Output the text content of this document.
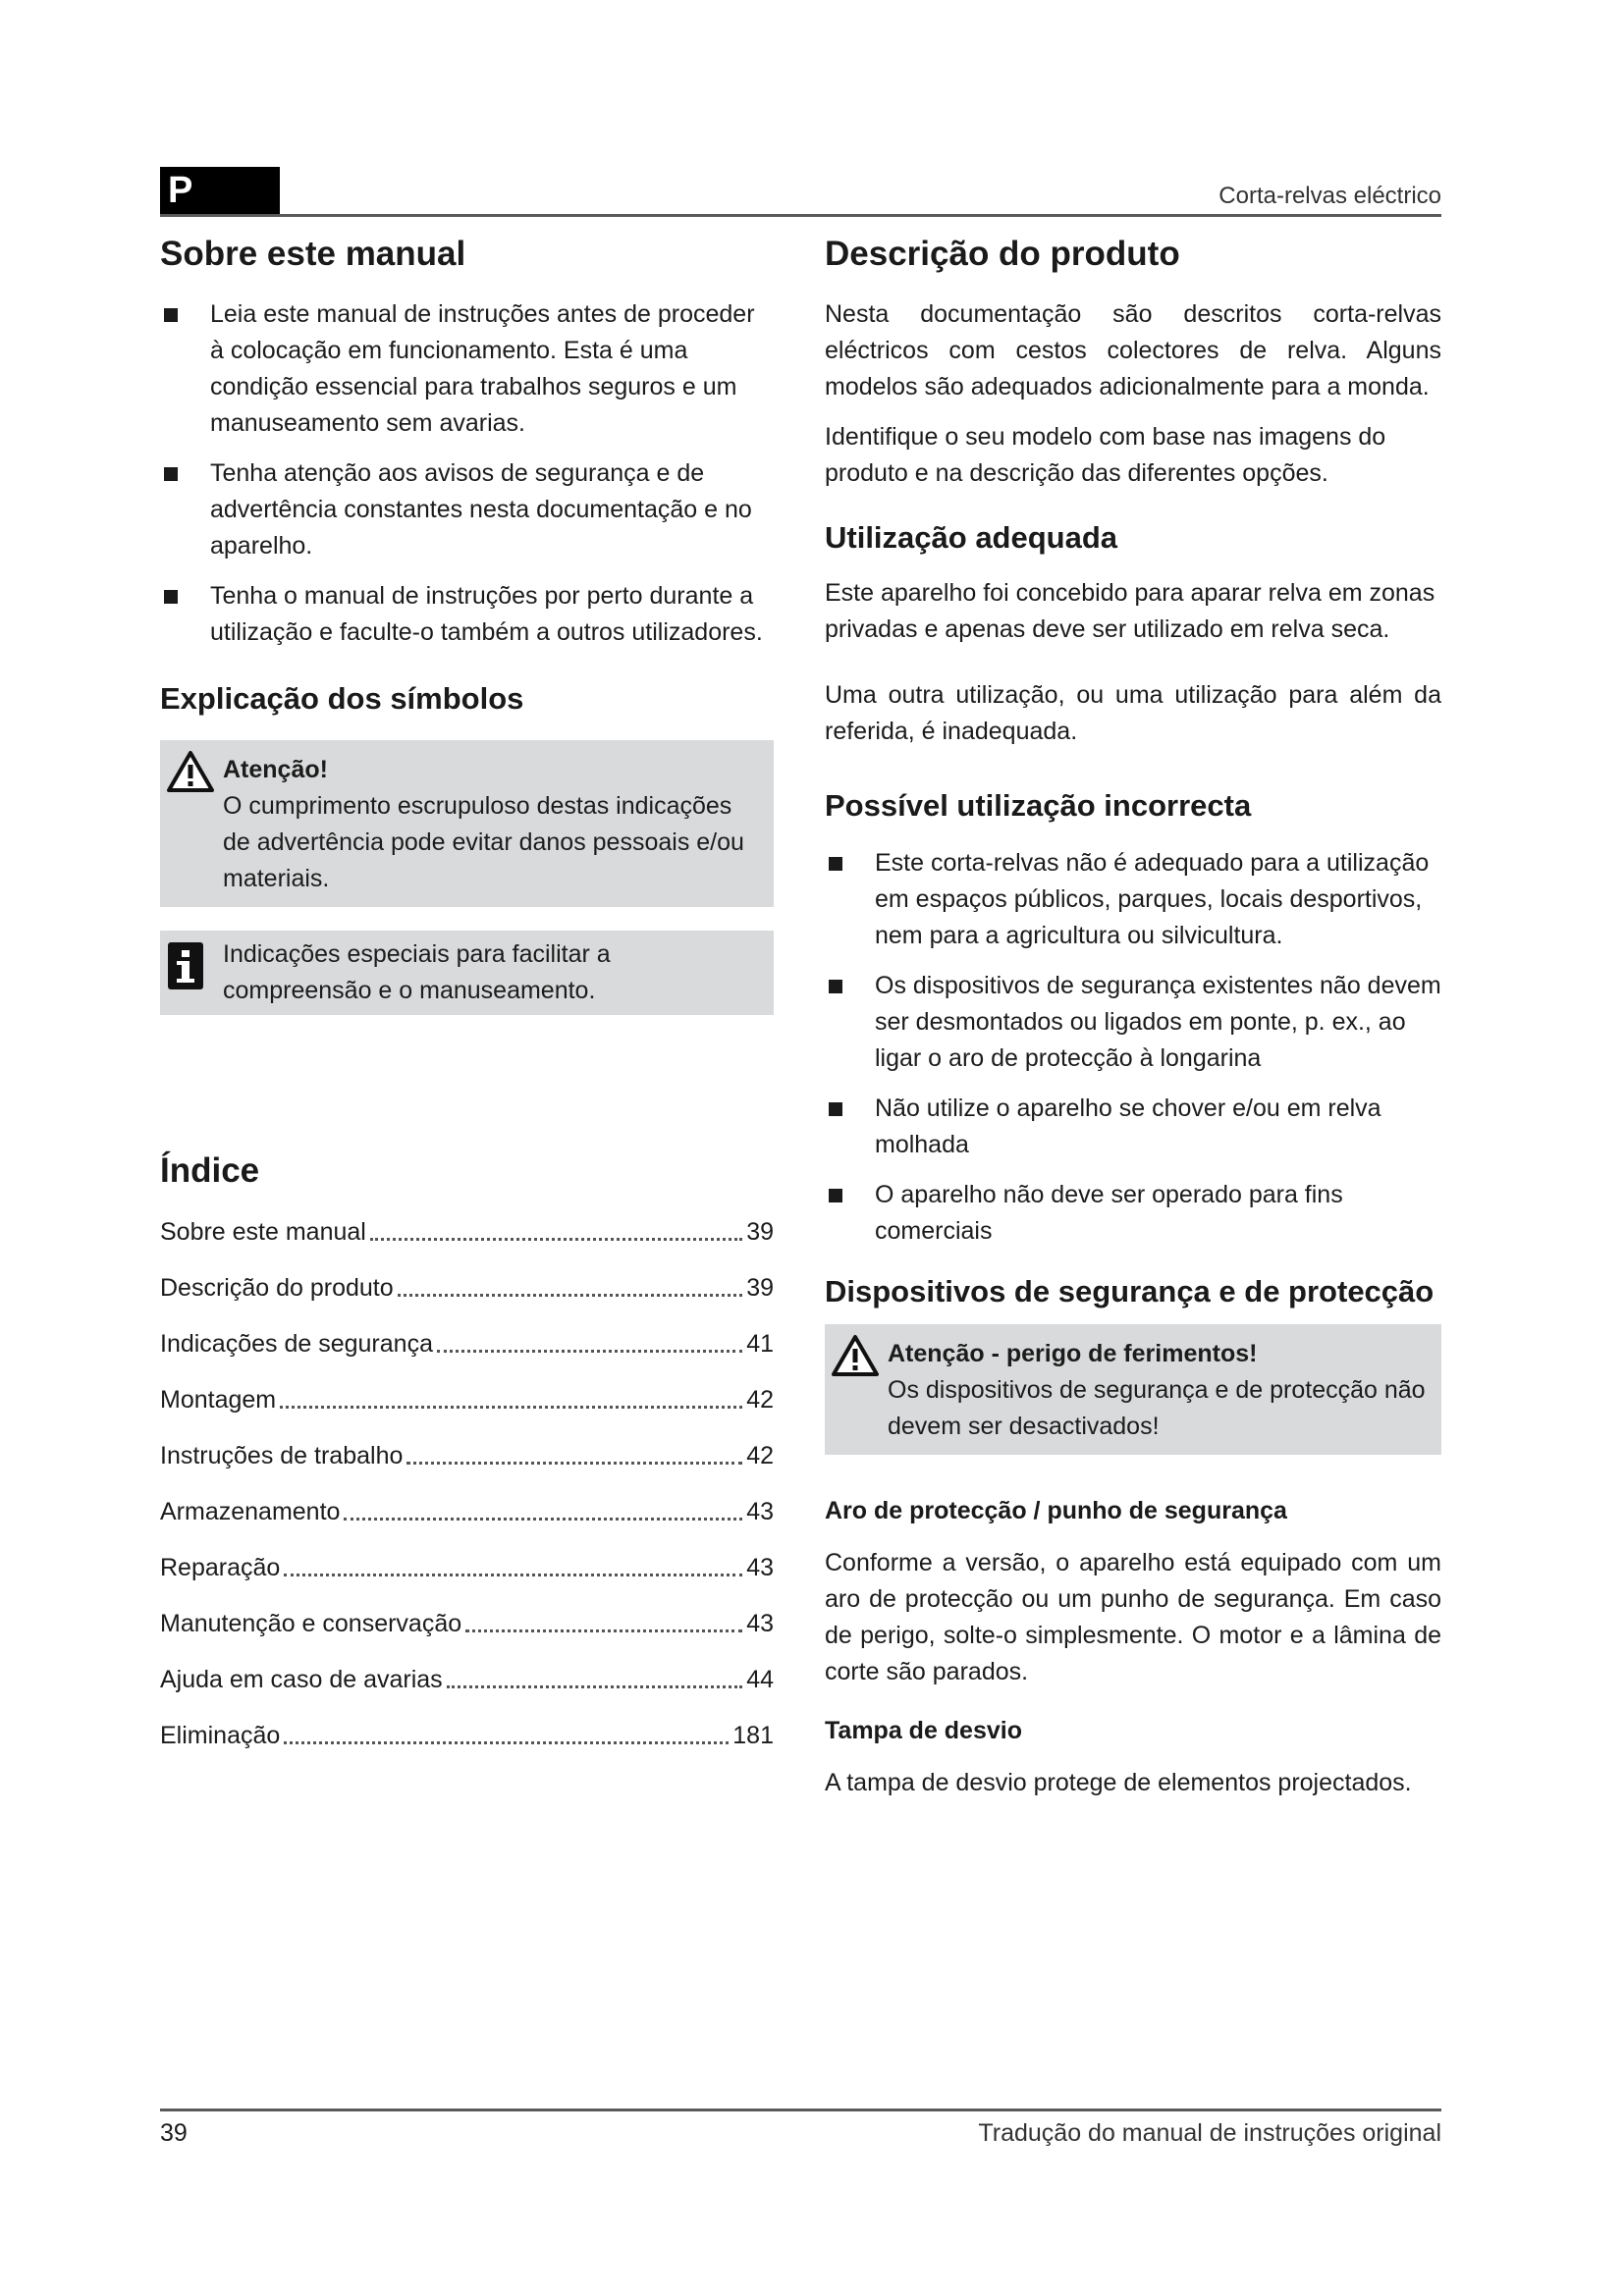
P	Corta-relvas eléctrico
Sobre este manual
Leia este manual de instruções antes de proceder à colocação em funcionamento. Esta é uma condição essencial para trabalhos seguros e um manuseamento sem avarias.
Tenha atenção aos avisos de segurança e de advertência constantes nesta documentação e no aparelho.
Tenha o manual de instruções por perto durante a utilização e faculte-o também a outros utilizadores.
Explicação dos símbolos
Atenção!

O cumprimento escrupuloso destas indicações de advertência pode evitar danos pessoais e/ou materiais.

Indicações especiais para facilitar a compreensão e o manuseamento.

Índice
Sobre este manual	39
Descrição do produto	39
Indicações de segurança	41
Montagem	42
Instruções de trabalho	42
Armazenamento	43
Reparação	43
Manutenção e conservação	43
Ajuda em caso de avarias	44
Eliminação	181
Descrição do produto

Nesta documentação são descritos corta-relvas eléctricos com cestos colectores de relva. Alguns modelos são adequados adicionalmente para a monda.

Identifique o seu modelo com base nas imagens do produto e na descrição das diferentes opções.

Utilização adequada

Este aparelho foi concebido para aparar relva em zonas privadas e apenas deve ser utilizado em relva seca.

Uma outra utilização, ou uma utilização para além da referida, é inadequada.

Possível utilização incorrecta
Este corta-relvas não é adequado para a utilização em espaços públicos, parques, locais desportivos, nem para a agricultura ou silvicultura.
Os dispositivos de segurança existentes não devem ser desmontados ou ligados em ponte, p. ex., ao ligar o aro de protecção à longarina
Não utilize o aparelho se chover e/ou em relva molhada
O aparelho não deve ser operado para fins comerciais
Dispositivos de segurança e de protecção
Atenção - perigo de ferimentos!

Os dispositivos de segurança e de protecção não devem ser desactivados!

Aro de protecção / punho de segurança

Conforme a versão, o aparelho está equipado com um aro de protecção ou um punho de segurança. Em caso de perigo, solte-o simplesmente. O motor e a lâmina de corte são parados.

Tampa de desvio

A tampa de desvio protege de elementos projectados.

39	Tradução do manual de instruções original
